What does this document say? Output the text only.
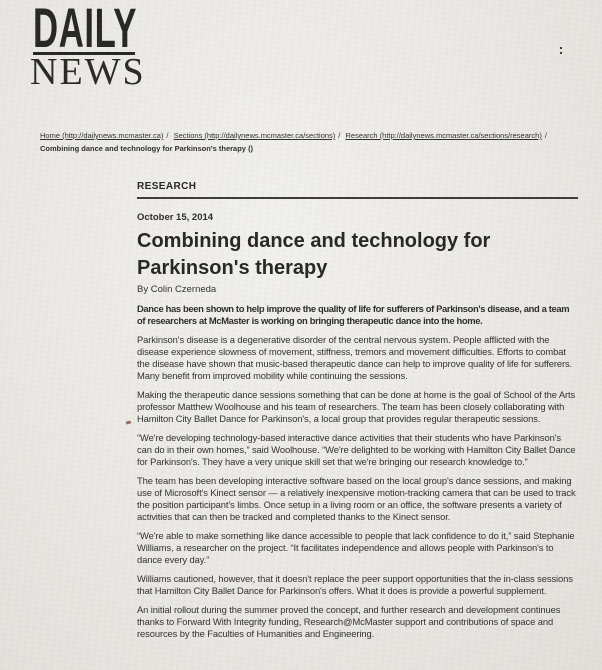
DAILY
NEWS
Home (http://dailynews.mcmaster.ca) / Sections (http://dailynews.mcmaster.ca/sections) / Research (http://dailynews.mcmaster.ca/sections/research) /
Combining dance and technology for Parkinson's therapy ()
RESEARCH
October 15, 2014
Combining dance and technology for Parkinson's therapy
By Colin Czerneda

Dance has been shown to help improve the quality of life for sufferers of Parkinson's disease, and a team of researchers at McMaster is working on bringing therapeutic dance into the home.

Parkinson's disease is a degenerative disorder of the central nervous system. People afflicted with the disease experience slowness of movement, stiffness, tremors and movement difficulties. Efforts to combat the disease have shown that music-based therapeutic dance can help to improve quality of life for sufferers. Many benefit from improved mobility while continuing the sessions.

Making the therapeutic dance sessions something that can be done at home is the goal of School of the Arts professor Matthew Woolhouse and his team of researchers. The team has been closely collaborating with Hamilton City Ballet Dance for Parkinson's, a local group that provides regular therapeutic sessions.

“We're developing technology-based interactive dance activities that their students who have Parkinson's can do in their own homes,” said Woolhouse. “We're delighted to be working with Hamilton City Ballet Dance for Parkinson's. They have a very unique skill set that we're bringing our research knowledge to.”

The team has been developing interactive software based on the local group's dance sessions, and making use of Microsoft's Kinect sensor — a relatively inexpensive motion-tracking camera that can be used to track the position participant's limbs. Once setup in a living room or an office, the software presents a variety of activities that can then be tracked and completed thanks to the Kinect sensor.

“We're able to make something like dance accessible to people that lack confidence to do it,” said Stephanie Williams, a researcher on the project. “It facilitates independence and allows people with Parkinson's to dance every day.”

Williams cautioned, however, that it doesn't replace the peer support opportunities that the in-class sessions that Hamilton City Ballet Dance for Parkinson's offers. What it does is provide a powerful supplement.

An initial rollout during the summer proved the concept, and further research and development continues thanks to Forward With Integrity funding, Research@McMaster support and contributions of space and resources by the Faculties of Humanities and Engineering.
